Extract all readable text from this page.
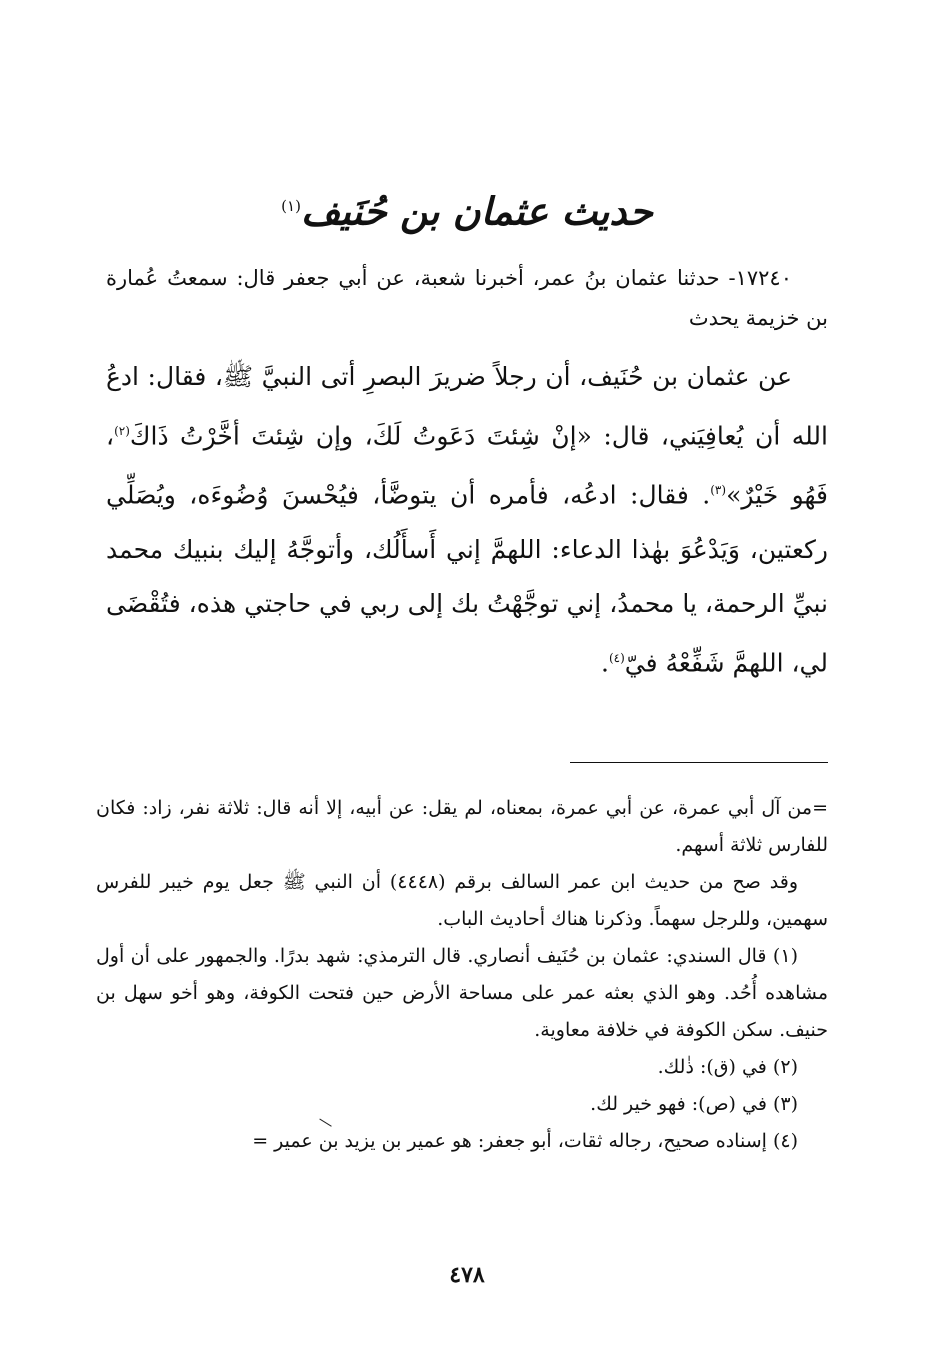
حديث عثمان بن حُنَيف$^{(١)}$

١٧٢٤٠- حدثنا عثمان بنُ عمر، أخبرنا شعبة، عن أبي جعفر قال: سمعتُ عُمارة بن خزيمة يحدث

عن عثمان بن حُنَيف، أن رجلاً ضريرَ البصرِ أتى النبيَّ ﷺ، فقال: ادعُ الله أن يُعافِيَني، قال: «إنْ شِئتَ دَعَوتُ لَكَ، وإن شِئتَ أخَّرْتُ ذَاكَ$^{(٢)}$، فَهُو خَيْرٌ»$^{(٣)}$. فقال: ادعُه، فأمره أن يتوضَّأ، فيُحْسنَ وُضُوءَه، ويُصَلِّي ركعتين، وَيَدْعُوَ بهٰذا الدعاء: اللهمَّ إني أَسأَلُك، وأتوجَّهُ إليك بنبيك محمد نبيِّ الرحمة، يا محمدُ، إني توجَّهْتُ بك إلى ربي في حاجتي هذه، فتُقْضَى لي، اللهمَّ شَفِّعْهُ فيّ$^{(٤)}$.

=من آل أبي عمرة، عن أبي عمرة، بمعناه، لم يقل: عن أبيه، إلا أنه قال: ثلاثة نفر، زاد: فكان للفارس ثلاثة أسهم.

وقد صح من حديث ابن عمر السالف برقم (٤٤٤٨) أن النبي ﷺ جعل يوم خيبر للفرس سهمين، وللرجل سهماً. وذكرنا هناك أحاديث الباب.

(١) قال السندي: عثمان بن حُنَيف أنصاري. قال الترمذي: شهد بدرًا. والجمهور على أن أول مشاهده أُحُد. وهو الذي بعثه عمر على مساحة الأرض حين فتحت الكوفة، وهو أخو سهل بن حنيف. سكن الكوفة في خلافة معاوية.

(٢) في (ق): ذٰلك.

(٣) في (ص): فهو خير لك.

(٤) إسناده صحيح، رجاله ثقات، أبو جعفر: هو عمير بن يزيد بن عمير =

٤٧٨
